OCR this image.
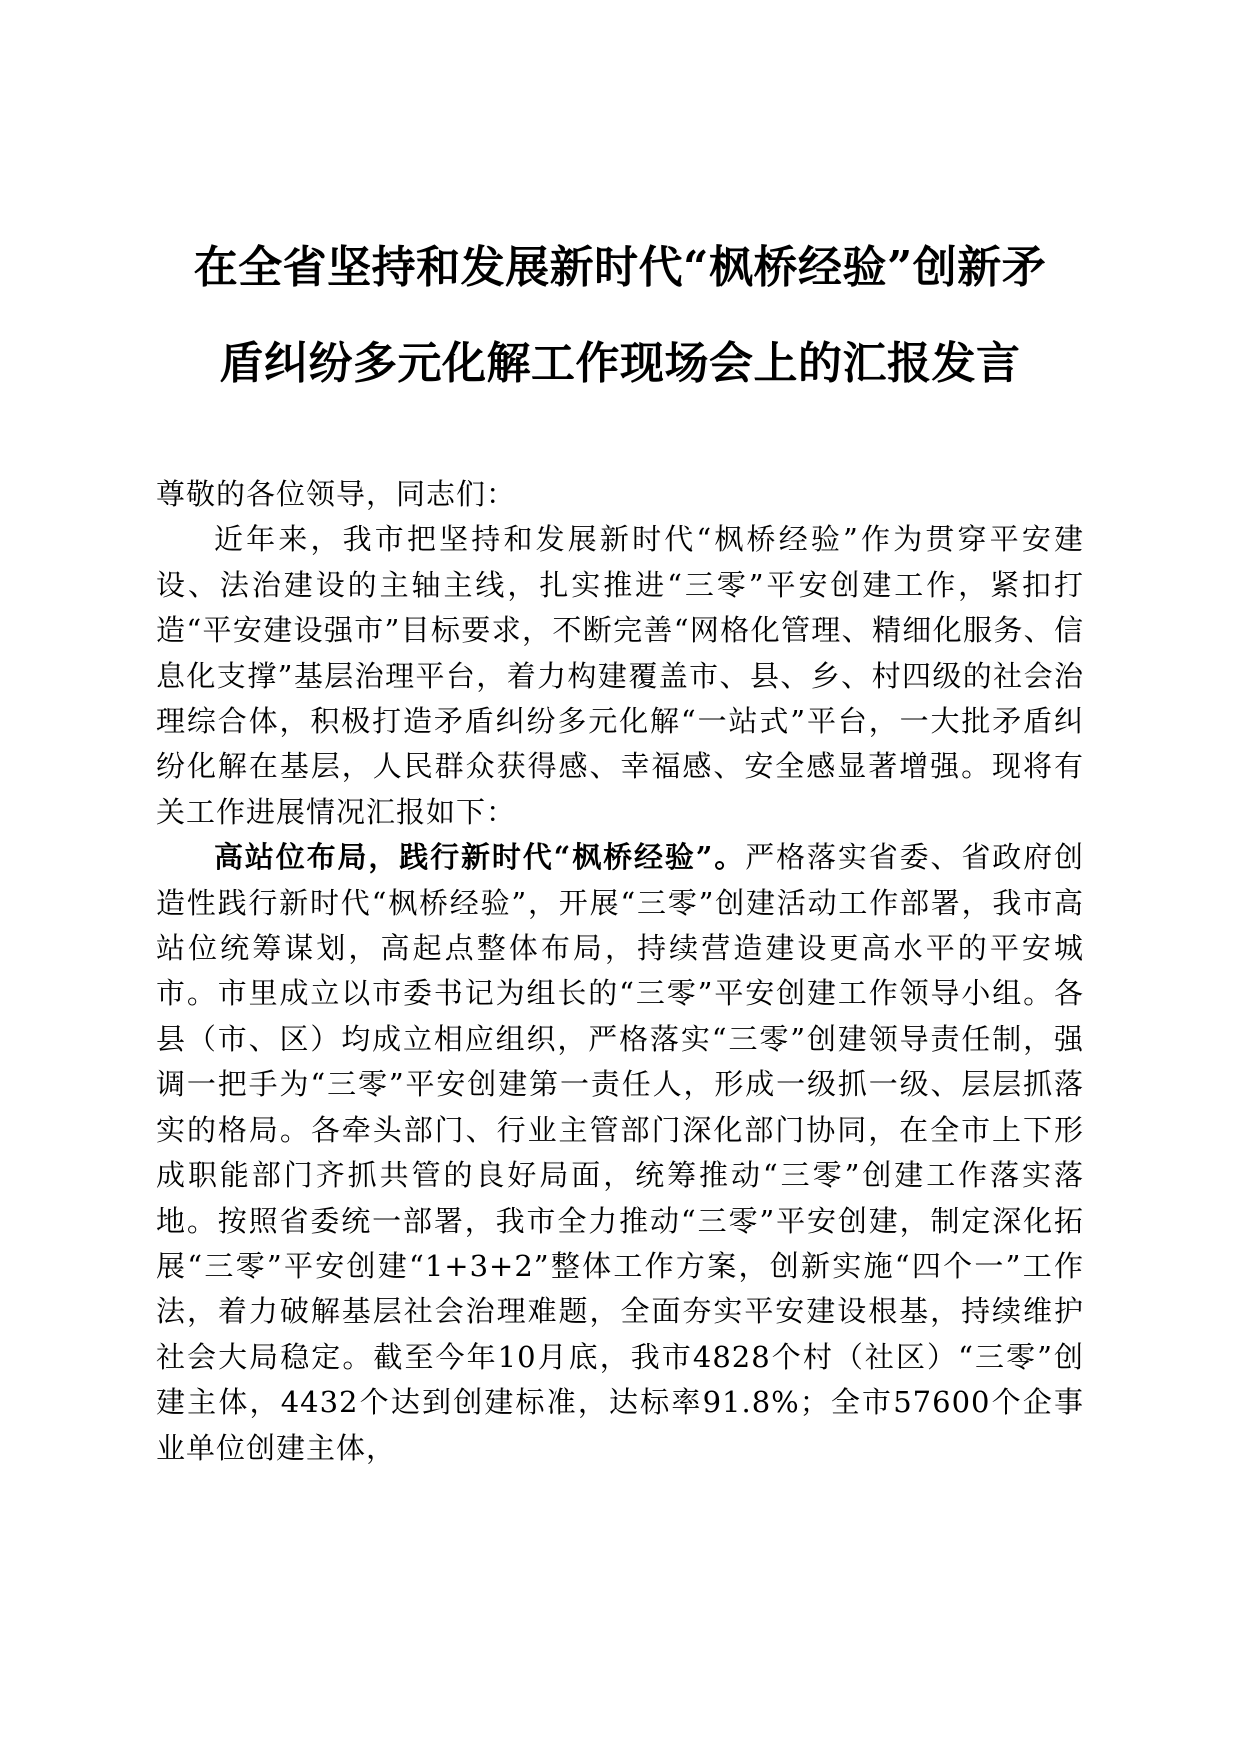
在全省坚持和发展新时代“枫桥经验”创新矛
盾纠纷多元化解工作现场会上的汇报发言

尊敬的各位领导，同志们：

近年来，我市把坚持和发展新时代“枫桥经验”作为贯穿平安建设、法治建设的主轴主线，扎实推进“三零”平安创建工作，紧扣打造“平安建设强市”目标要求，不断完善“网格化管理、精细化服务、信息化支撑”基层治理平台，着力构建覆盖市、县、乡、村四级的社会治理综合体，积极打造矛盾纠纷多元化解“一站式”平台，一大批矛盾纠纷化解在基层，人民群众获得感、幸福感、安全感显著增强。现将有关工作进展情况汇报如下：

高站位布局，践行新时代“枫桥经验”。严格落实省委、省政府创造性践行新时代“枫桥经验”，开展“三零”创建活动工作部署，我市高站位统筹谋划，高起点整体布局，持续营造建设更高水平的平安城市。市里成立以市委书记为组长的“三零”平安创建工作领导小组。各县（市、区）均成立相应组织，严格落实“三零”创建领导责任制，强调一把手为“三零”平安创建第一责任人，形成一级抓一级、层层抓落实的格局。各牵头部门、行业主管部门深化部门协同，在全市上下形成职能部门齐抓共管的良好局面，统筹推动“三零”创建工作落实落地。按照省委统一部署，我市全力推动“三零”平安创建，制定深化拓展“三零”平安创建“1+3+2”整体工作方案，创新实施“四个一”工作法，着力破解基层社会治理难题，全面夯实平安建设根基，持续维护社会大局稳定。截至今年10月底，我市4828个村（社区）“三零”创建主体，4432个达到创建标准，达标率91.8%；全市57600个企事业单位创建主体，
